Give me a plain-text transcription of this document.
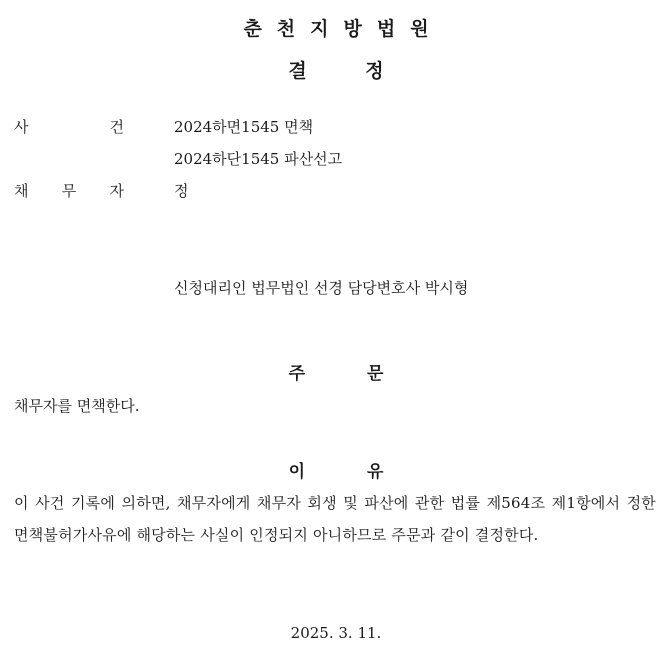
춘천지방법원
결 정
사	건	2024하면1545 면책
2024하단1545 파산선고
채 무 자	정
신청대리인 법무법인 선경 담당변호사 박시형
주 문
채무자를 면책한다.
이 유
이 사건 기록에 의하면, 채무자에게 채무자 회생 및 파산에 관한 법률 제564조 제1항에서 정한 면책불허가사유에 해당하는 사실이 인정되지 아니하므로 주문과 같이 결정한다.
2025. 3. 11.
